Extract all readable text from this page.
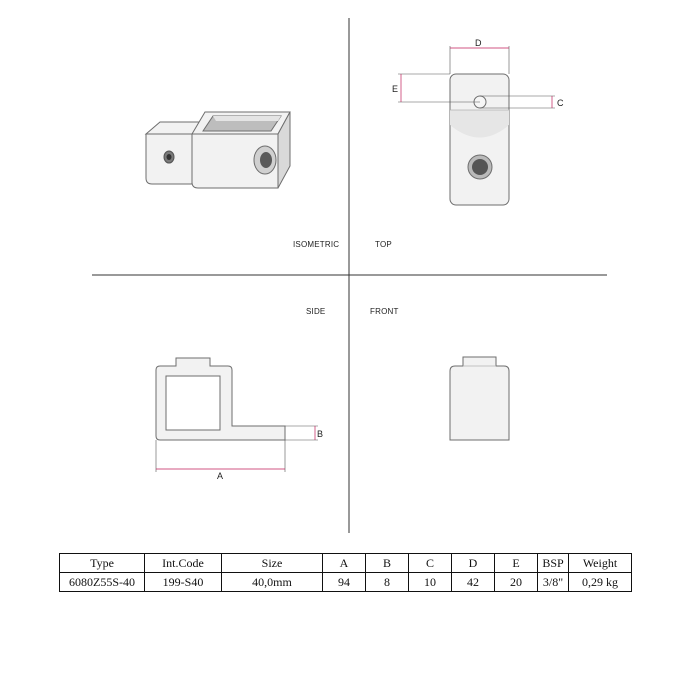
ISOMETRIC
D
E
C
TOP
B
A
SIDE	FRONT
Type	Int.Code	Size	A	B	C	D	E	BSP	Weight
6080Z55S-40	199-S40	40,0mm	94	8	10	42	20	3/8"	0,29 kg
